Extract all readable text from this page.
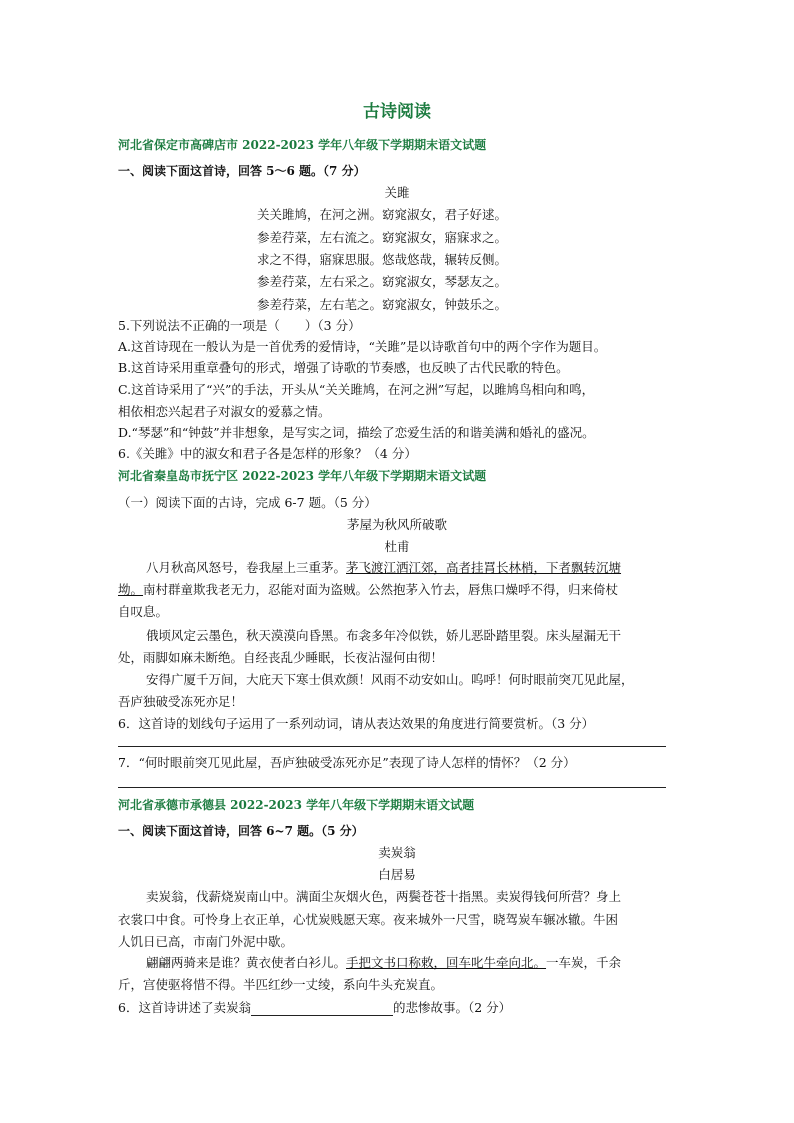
古诗阅读
河北省保定市高碑店市 2022-2023 学年八年级下学期期末语文试题
一、阅读下面这首诗，回答 5～6 题。（7 分）
关雎
关关雎鸠，在河之洲。窈窕淑女，君子好逑。
参差荇菜，左右流之。窈窕淑女，寤寐求之。
求之不得，寤寐思服。悠哉悠哉，辗转反侧。
参差荇菜，左右采之。窈窕淑女，琴瑟友之。
参差荇菜，左右芼之。窈窕淑女，钟鼓乐之。
5.下列说法不正确的一项是（　　）（3 分）
A.这首诗现在一般认为是一首优秀的爱情诗，“关雎”是以诗歌首句中的两个字作为题目。
B.这首诗采用重章叠句的形式，增强了诗歌的节奏感，也反映了古代民歌的特色。
C.这首诗采用了“兴”的手法，开头从“关关雎鸠，在河之洲”写起，以雎鸠鸟相向和鸣，
相依相恋兴起君子对淑女的爱慕之情。
D.“琴瑟”和“钟鼓”并非想象，是写实之词，描绘了恋爱生活的和谐美满和婚礼的盛况。
6.《关雎》中的淑女和君子各是怎样的形象？（4 分）
河北省秦皇岛市抚宁区 2022-2023 学年八年级下学期期末语文试题
（一）阅读下面的古诗，完成 6-7 题。（5 分）
茅屋为秋风所破歌
杜甫
八月秋高风怒号，卷我屋上三重茅。茅飞渡江洒江郊，高者挂罥长林梢，下者飘转沉塘
坳。南村群童欺我老无力，忍能对面为盗贼。公然抱茅入竹去，唇焦口燥呼不得，归来倚杖
自叹息。
俄顷风定云墨色，秋天漠漠向昏黑。布衾多年冷似铁，娇儿恶卧踏里裂。床头屋漏无干
处，雨脚如麻未断绝。自经丧乱少睡眠，长夜沾湿何由彻！
安得广厦千万间，大庇天下寒士俱欢颜！风雨不动安如山。呜呼！何时眼前突兀见此屋，
吾庐独破受冻死亦足！
6．这首诗的划线句子运用了一系列动词，请从表达效果的角度进行简要赏析。（3 分）
7．“何时眼前突兀见此屋，吾庐独破受冻死亦足”表现了诗人怎样的情怀？（2 分）
河北省承德市承德县 2022-2023 学年八年级下学期期末语文试题
一、阅读下面这首诗，回答 6~7 题。（5 分）
卖炭翁
白居易
卖炭翁，伐薪烧炭南山中。满面尘灰烟火色，两鬓苍苍十指黑。卖炭得钱何所营？身上
衣裳口中食。可怜身上衣正单，心忧炭贱愿天寒。夜来城外一尺雪，晓驾炭车辗冰辙。牛困
人饥日已高，市南门外泥中歇。
翩翩两骑来是谁？黄衣使者白衫儿。手把文书口称敕，回车叱牛牵向北。一车炭，千余
斤，宫使驱将惜不得。半匹红纱一丈绫，系向牛头充炭直。
6．这首诗讲述了卖炭翁	的悲惨故事。（2 分）
